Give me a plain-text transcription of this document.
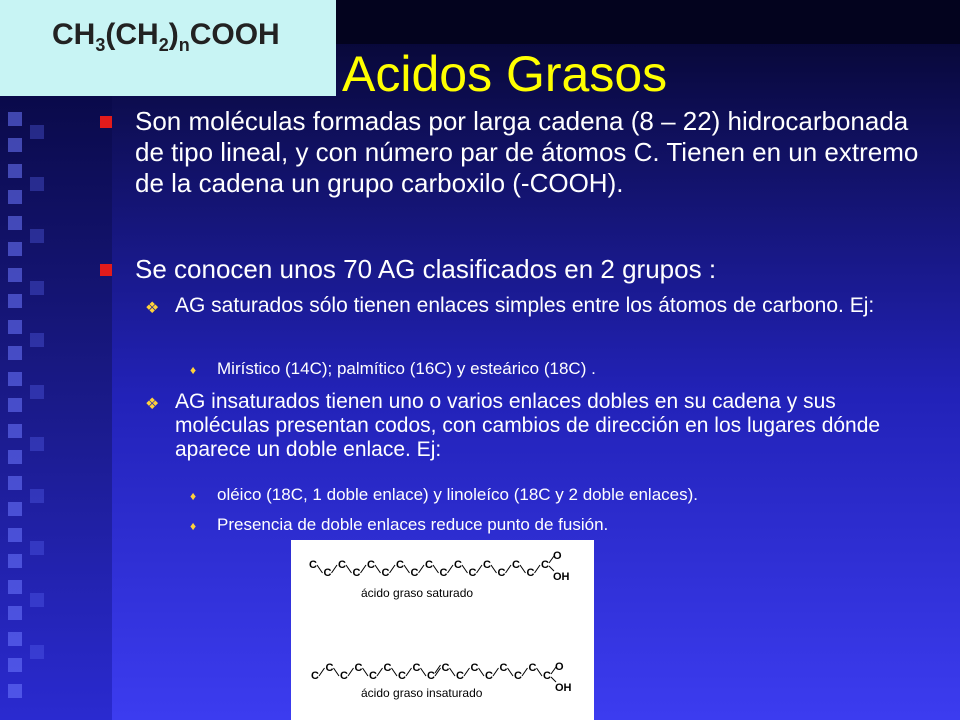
$CH_3(CH_2)_nCOOH$
Acidos Grasos
Son moléculas formadas por larga cadena (8 – 22) hidrocarbonada de tipo lineal, y con número par de átomos C. Tienen en un extremo de la cadena un grupo carboxilo (-COOH).
Se conocen unos 70 AG clasificados en 2 grupos :
❖ AG saturados sólo tienen enlaces simples entre los átomos de carbono. Ej:
♦ Mirístico (14C); palmítico (16C) y esteárico (18C) .
❖ AG insaturados tienen uno o varios enlaces dobles en su cadena y sus moléculas presentan codos, con cambios de dirección en los lugares dónde aparece un doble enlace. Ej:
♦ oléico (18C, 1 doble enlace) y linoleíco (18C y 2 doble enlaces).
♦ Presencia de doble enlaces reduce punto de fusión.
C
C
C
C
C
C
C
C
C
C
C
C
C
C
C
C
C
O
OH
ácido graso saturado
C
C
C
C
C
C
C
C
C
C
C
C
C
C
C
C
C
O
OH
ácido graso insaturado
